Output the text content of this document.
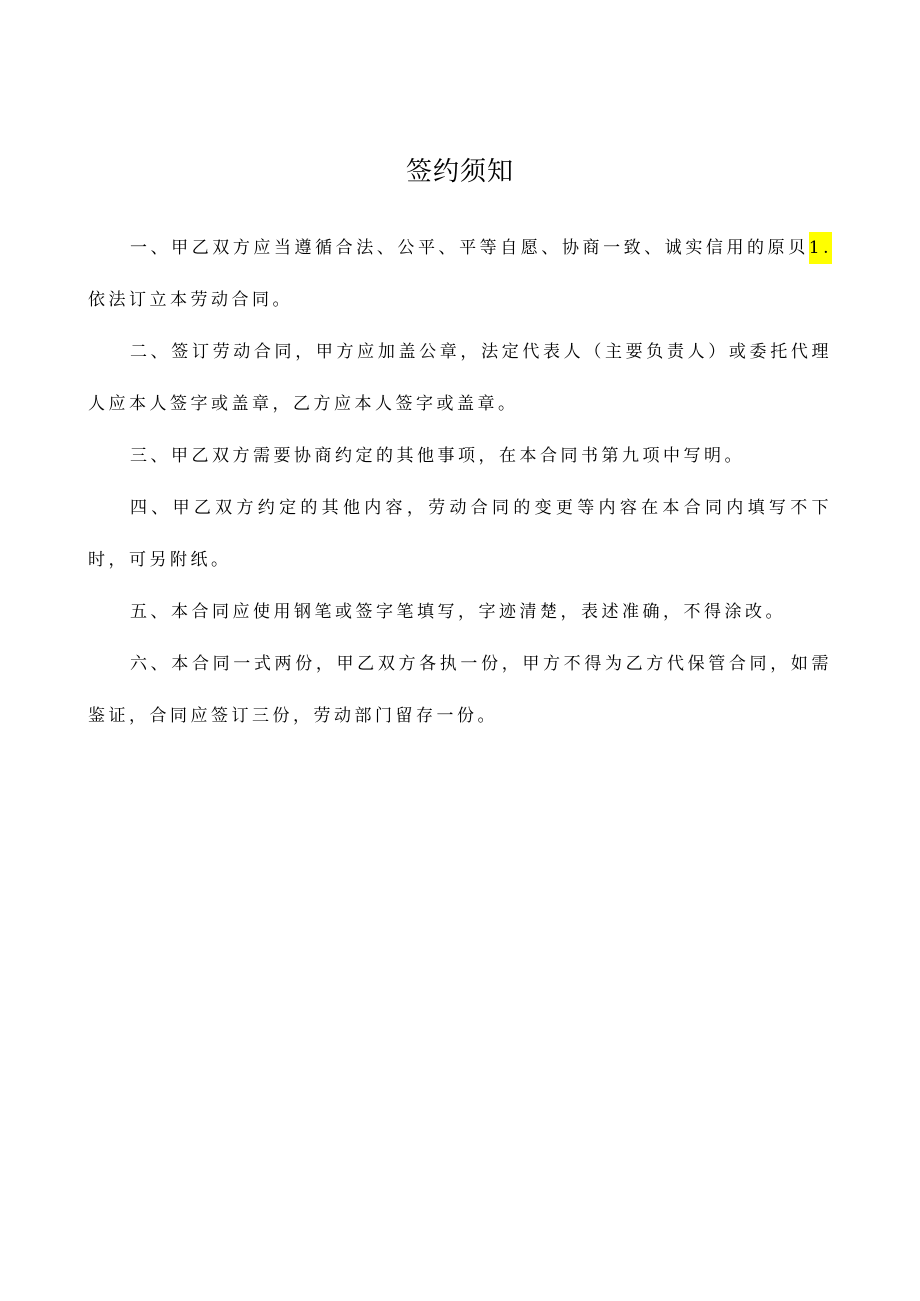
签约须知

一、甲乙双方应当遵循合法、公平、平等自愿、协商一致、诚实信用的原贝1.依法订立本劳动合同。

二、签订劳动合同，甲方应加盖公章，法定代表人（主要负责人）或委托代理人应本人签字或盖章，乙方应本人签字或盖章。

三、甲乙双方需要协商约定的其他事项，在本合同书第九项中写明。

四、甲乙双方约定的其他内容，劳动合同的变更等内容在本合同内填写不下时，可另附纸。

五、本合同应使用钢笔或签字笔填写，字迹清楚，表述准确，不得涂改。

六、本合同一式两份，甲乙双方各执一份，甲方不得为乙方代保管合同，如需鉴证，合同应签订三份，劳动部门留存一份。
